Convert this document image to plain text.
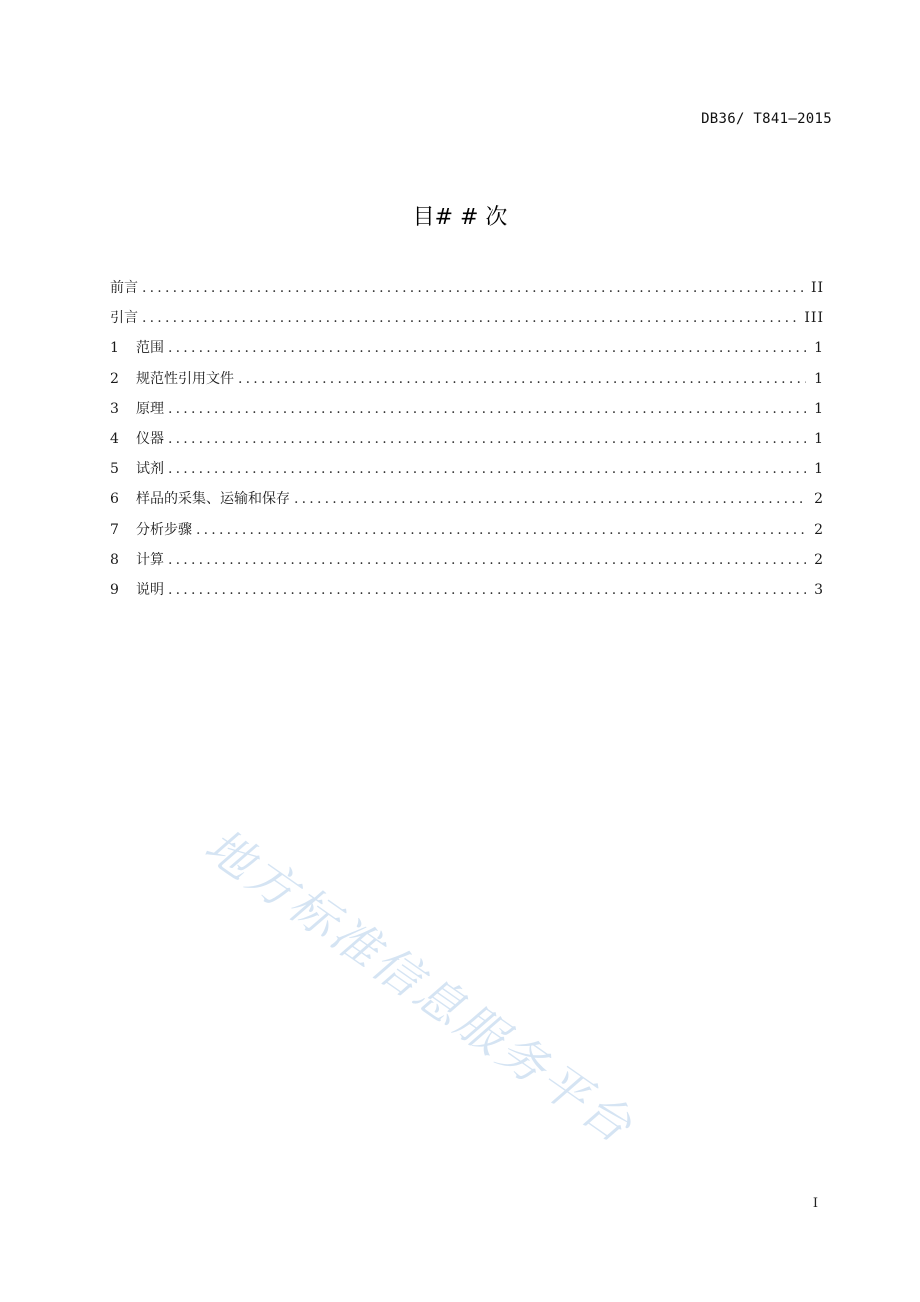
DB36/ T841—2015
目# # 次
前言 .....	II
引言 .....	III
1	范围 .....	1
2	规范性引用文件 .....	1
3	原理 .....	1
4	仪器 .....	1
5	试剂 .....	1
6	样品的采集、运输和保存 .....	2
7	分析步骤 .....	2
8	计算 .....	2
9	说明 .....	3
地方标准信息服务平台
I
